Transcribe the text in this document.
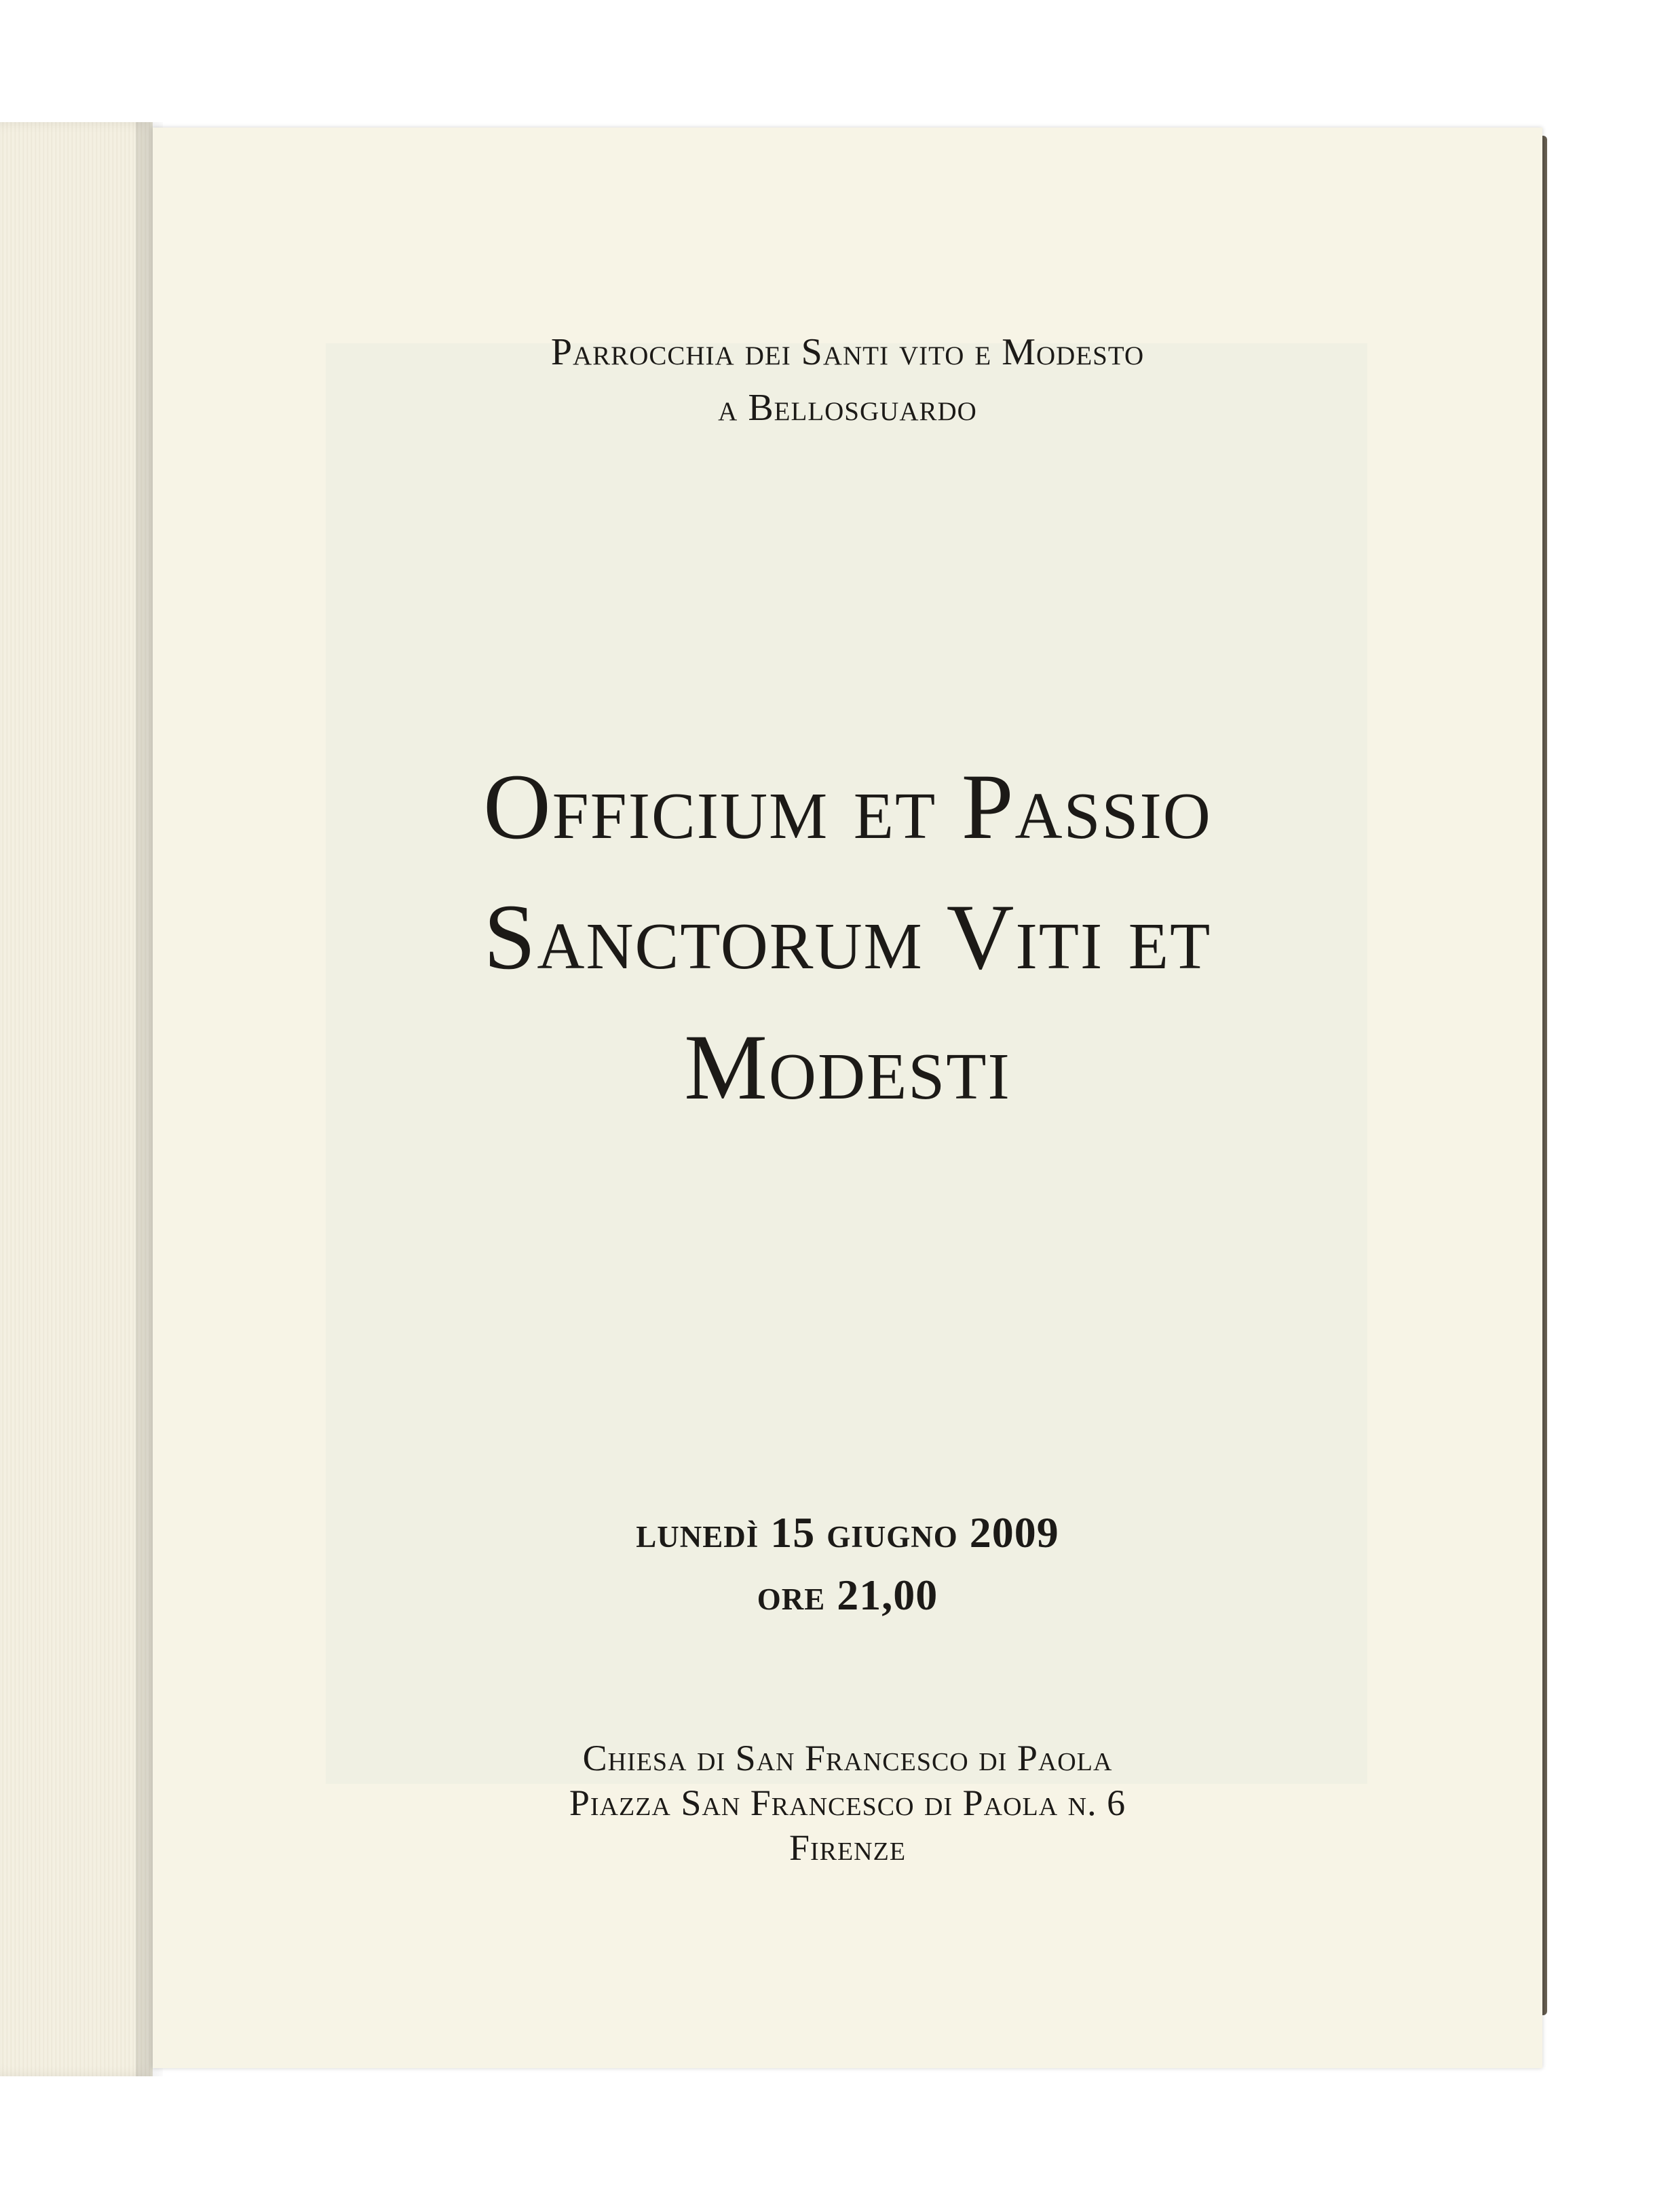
Parrocchia dei Santi vito e Modesto
a Bellosguardo
Officium et Passio
Sanctorum Viti et
Modesti
lunedì 15 giugno 2009
ore 21,00
Chiesa di San Francesco di Paola
Piazza San Francesco di Paola n. 6
Firenze
